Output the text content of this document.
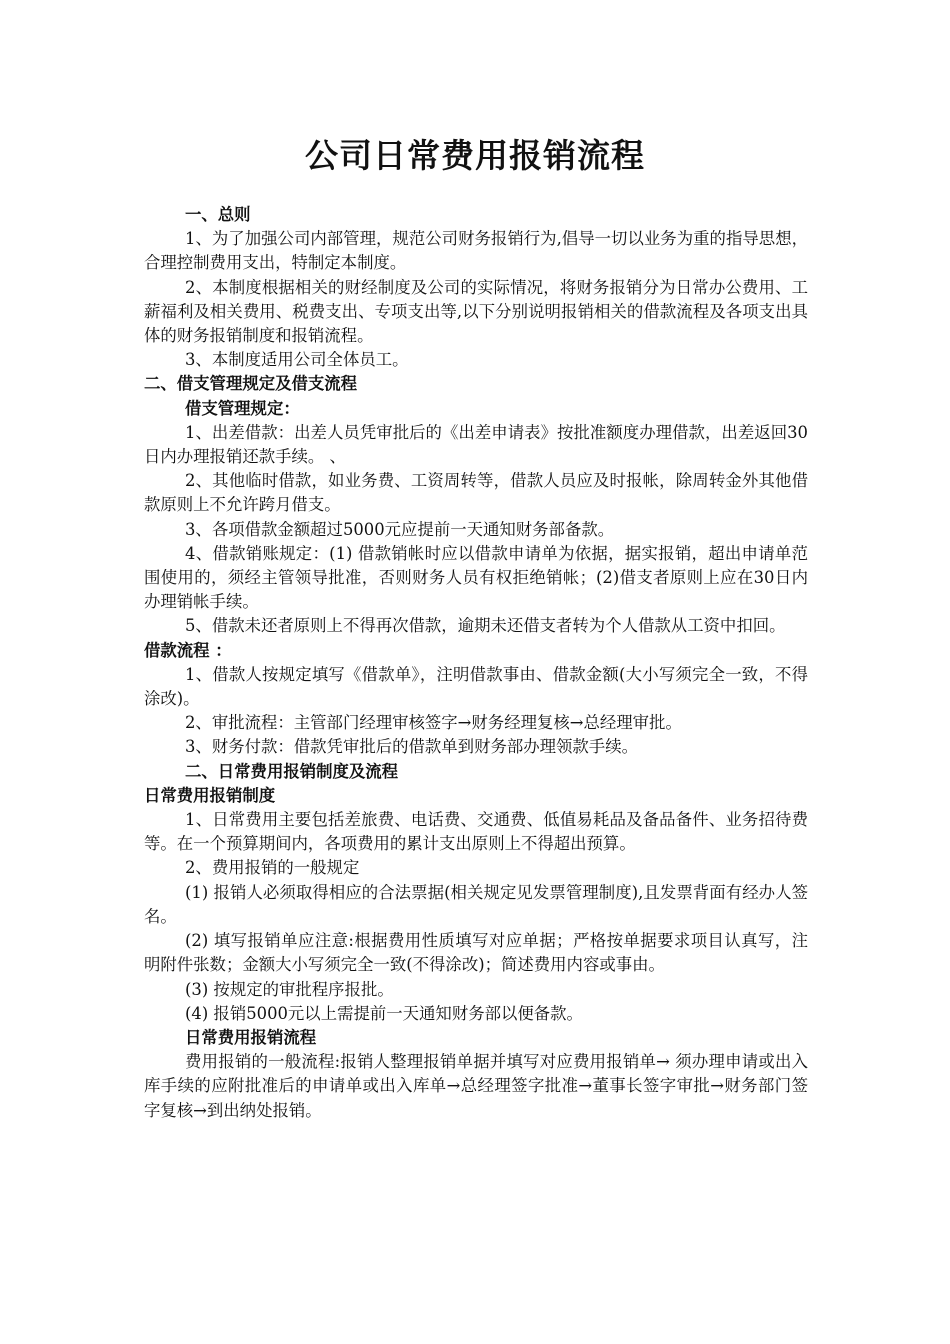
公司日常费用报销流程

一、总则

1、为了加强公司内部管理，规范公司财务报销行为,倡导一切以业务为重的指导思想，合理控制费用支出，特制定本制度。

2、本制度根据相关的财经制度及公司的实际情况，将财务报销分为日常办公费用、工薪福利及相关费用、税费支出、专项支出等,以下分别说明报销相关的借款流程及各项支出具体的财务报销制度和报销流程。

3、本制度适用公司全体员工。

二、借支管理规定及借支流程

借支管理规定：

1、出差借款：出差人员凭审批后的《出差申请表》按批准额度办理借款，出差返回30日内办理报销还款手续。 、

2、其他临时借款，如业务费、工资周转等，借款人员应及时报帐，除周转金外其他借款原则上不允许跨月借支。

3、各项借款金额超过5000元应提前一天通知财务部备款。

4、借款销账规定：(1) 借款销帐时应以借款申请单为依据，据实报销，超出申请单范围使用的，须经主管领导批准，否则财务人员有权拒绝销帐；(2)借支者原则上应在30日内办理销帐手续。

5、借款未还者原则上不得再次借款，逾期未还借支者转为个人借款从工资中扣回。

借款流程 ：

1、借款人按规定填写《借款单》，注明借款事由、借款金额(大小写须完全一致，不得涂改)。

2、审批流程：主管部门经理审核签字→财务经理复核→总经理审批。

3、财务付款：借款凭审批后的借款单到财务部办理领款手续。

二、日常费用报销制度及流程

日常费用报销制度

1、日常费用主要包括差旅费、电话费、交通费、低值易耗品及备品备件、业务招待费等。在一个预算期间内，各项费用的累计支出原则上不得超出预算。

2、费用报销的一般规定

(1) 报销人必须取得相应的合法票据(相关规定见发票管理制度),且发票背面有经办人签名。

(2) 填写报销单应注意:根据费用性质填写对应单据；严格按单据要求项目认真写，注明附件张数；金额大小写须完全一致(不得涂改)；简述费用内容或事由。

(3) 按规定的审批程序报批。

(4) 报销5000元以上需提前一天通知财务部以便备款。

日常费用报销流程

费用报销的一般流程:报销人整理报销单据并填写对应费用报销单→ 须办理申请或出入库手续的应附批准后的申请单或出入库单→总经理签字批准→董事长签字审批→财务部门签字复核→到出纳处报销。
